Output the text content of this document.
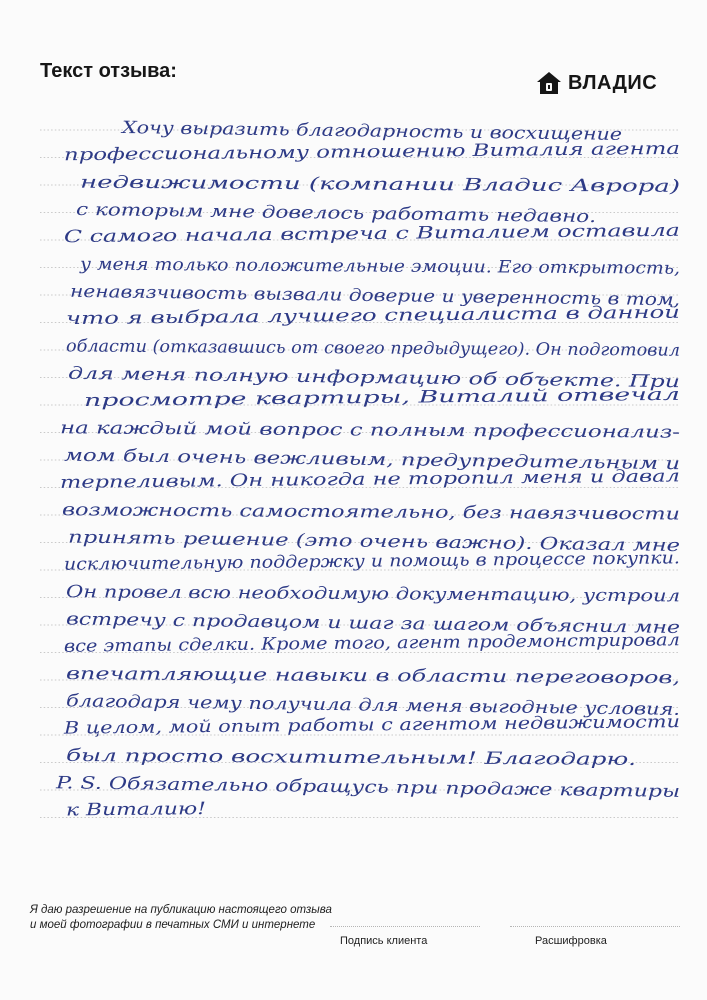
Текст отзыва:
ВЛАДИС
Хочу выразить благодарность и восхищение
профессиональному отношению Виталия агента
недвижимости (компании Владис Аврора)
с которым мне довелось работать недавно.
С самого начала встреча с Виталием оставила
у меня только положительные эмоции. Его открытость,
ненавязчивость вызвали доверие и уверенность в том,
что я выбрала лучшего специалиста в данной
области (отказавшись от своего предыдущего). Он подготовил
для меня полную информацию об объекте. При
просмотре квартиры, Виталий отвечал
на каждый мой вопрос с полным профессионализ-
мом был очень вежливым, предупредительным и
терпеливым. Он никогда не торопил меня и давал
возможность самостоятельно, без навязчивости
принять решение (это очень важно). Оказал мне
исключительную поддержку и помощь в процессе покупки.
Он провел всю необходимую документацию, устроил
встречу с продавцом и шаг за шагом объяснил мне
все этапы сделки. Кроме того, агент продемонстрировал
впечатляющие навыки в области переговоров,
благодаря чему получила для меня выгодные условия.
В целом, мой опыт работы с агентом недвижимости
был просто восхитительным! Благодарю.
P. S. Обязательно обращусь при продаже квартиры
к Виталию!
Я даю разрешение на публикацию настоящего отзыва
и моей фотографии в печатных СМИ и интернете
Подпись клиента	Расшифровка
